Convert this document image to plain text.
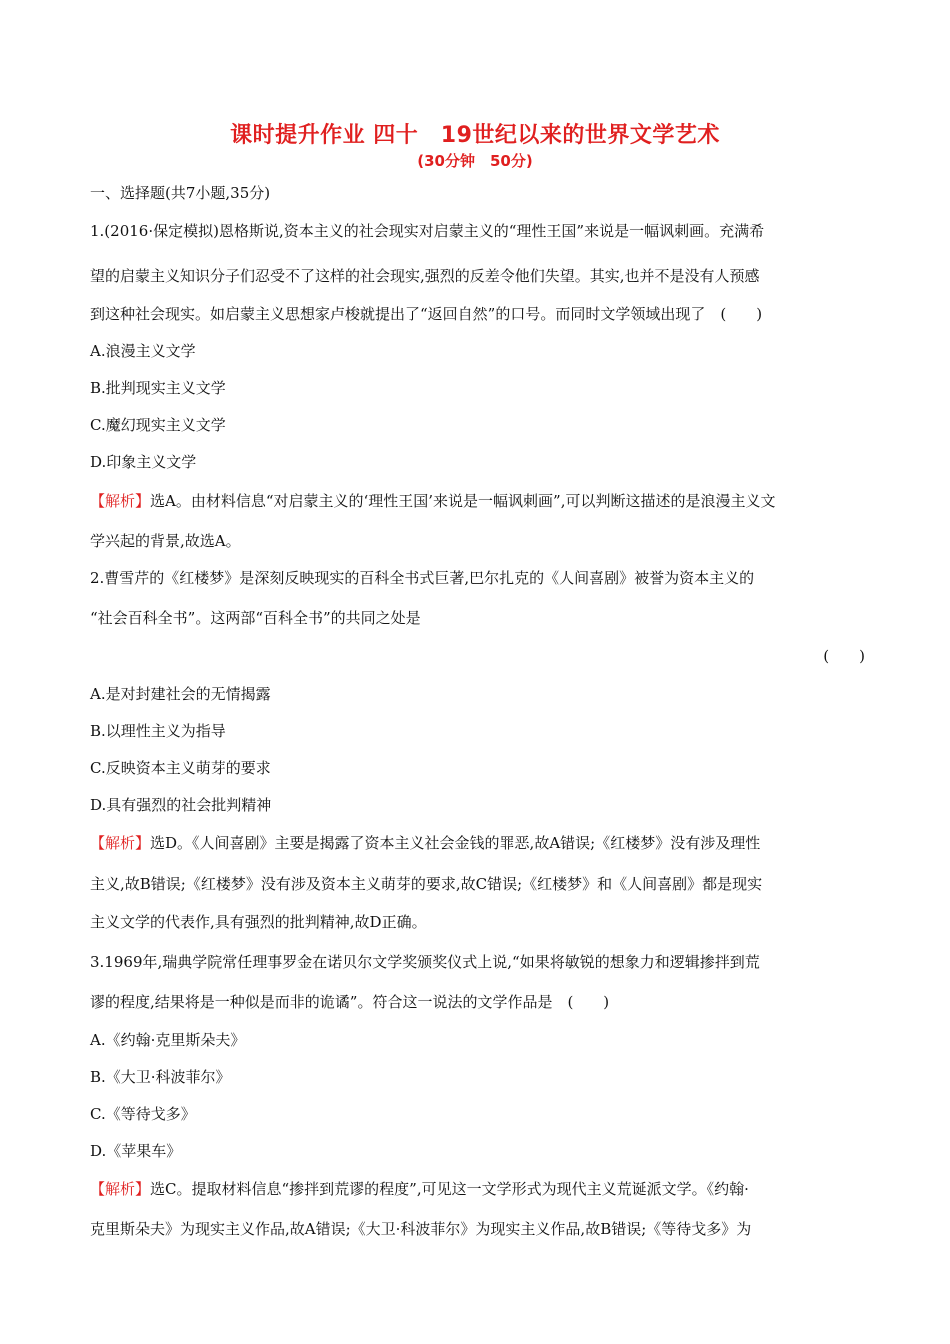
课时提升作业 四十　19世纪以来的世界文学艺术
(30分钟　50分)
一、选择题(共7小题,35分)
1.(2016·保定模拟)恩格斯说,资本主义的社会现实对启蒙主义的“理性王国”来说是一幅讽刺画。充满希
望的启蒙主义知识分子们忍受不了这样的社会现实,强烈的反差令他们失望。其实,也并不是没有人预感
到这种社会现实。如启蒙主义思想家卢梭就提出了“返回自然”的口号。而同时文学领域出现了　(　　)
A.浪漫主义文学
B.批判现实主义文学
C.魔幻现实主义文学
D.印象主义文学
【解析】选A。由材料信息“对启蒙主义的‘理性王国’来说是一幅讽刺画”,可以判断这描述的是浪漫主义文
学兴起的背景,故选A。
2.曹雪芹的《红楼梦》是深刻反映现实的百科全书式巨著,巴尔扎克的《人间喜剧》被誉为资本主义的
“社会百科全书”。这两部“百科全书”的共同之处是
(　　)
A.是对封建社会的无情揭露
B.以理性主义为指导
C.反映资本主义萌芽的要求
D.具有强烈的社会批判精神
【解析】选D。《人间喜剧》主要是揭露了资本主义社会金钱的罪恶,故A错误;《红楼梦》没有涉及理性
主义,故B错误;《红楼梦》没有涉及资本主义萌芽的要求,故C错误;《红楼梦》和《人间喜剧》都是现实
主义文学的代表作,具有强烈的批判精神,故D正确。
3.1969年,瑞典学院常任理事罗金在诺贝尔文学奖颁奖仪式上说,“如果将敏锐的想象力和逻辑掺拌到荒
谬的程度,结果将是一种似是而非的诡谲”。符合这一说法的文学作品是　(　　)
A.《约翰·克里斯朵夫》
B.《大卫·科波菲尔》
C.《等待戈多》
D.《苹果车》
【解析】选C。提取材料信息“掺拌到荒谬的程度”,可见这一文学形式为现代主义荒诞派文学。《约翰·
克里斯朵夫》为现实主义作品,故A错误;《大卫·科波菲尔》为现实主义作品,故B错误;《等待戈多》为
